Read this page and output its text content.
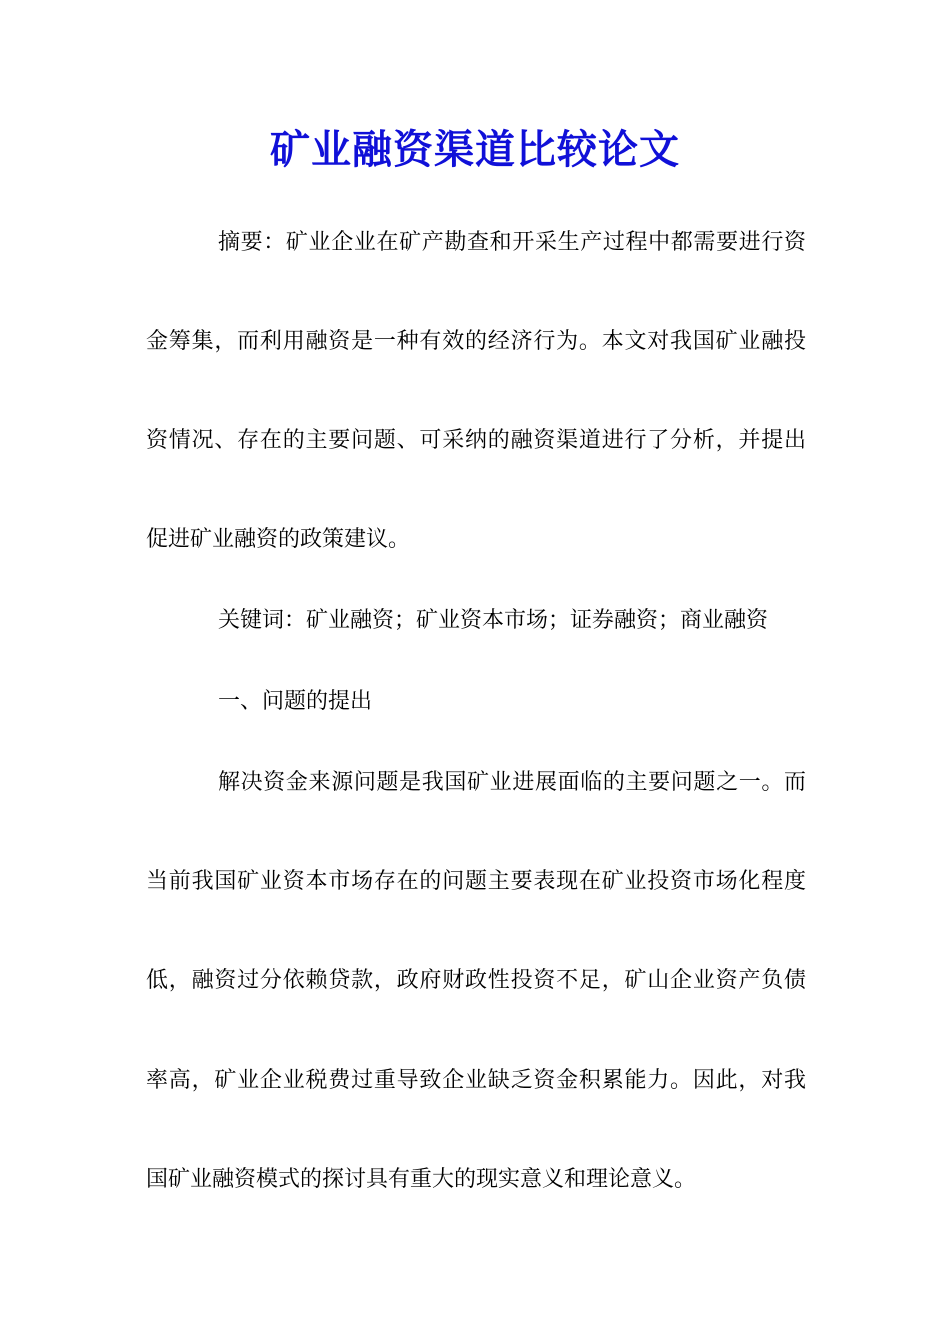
矿业融资渠道比较论文
摘要：矿业企业在矿产勘查和开采生产过程中都需要进行资
金筹集，而利用融资是一种有效的经济行为。本文对我国矿业融投
资情况、存在的主要问题、可采纳的融资渠道进行了分析，并提出
促进矿业融资的政策建议。
关键词：矿业融资；矿业资本市场；证券融资；商业融资
一、问题的提出
解决资金来源问题是我国矿业进展面临的主要问题之一。而
当前我国矿业资本市场存在的问题主要表现在矿业投资市场化程度
低，融资过分依赖贷款，政府财政性投资不足，矿山企业资产负债
率高，矿业企业税费过重导致企业缺乏资金积累能力。因此，对我
国矿业融资模式的探讨具有重大的现实意义和理论意义。
